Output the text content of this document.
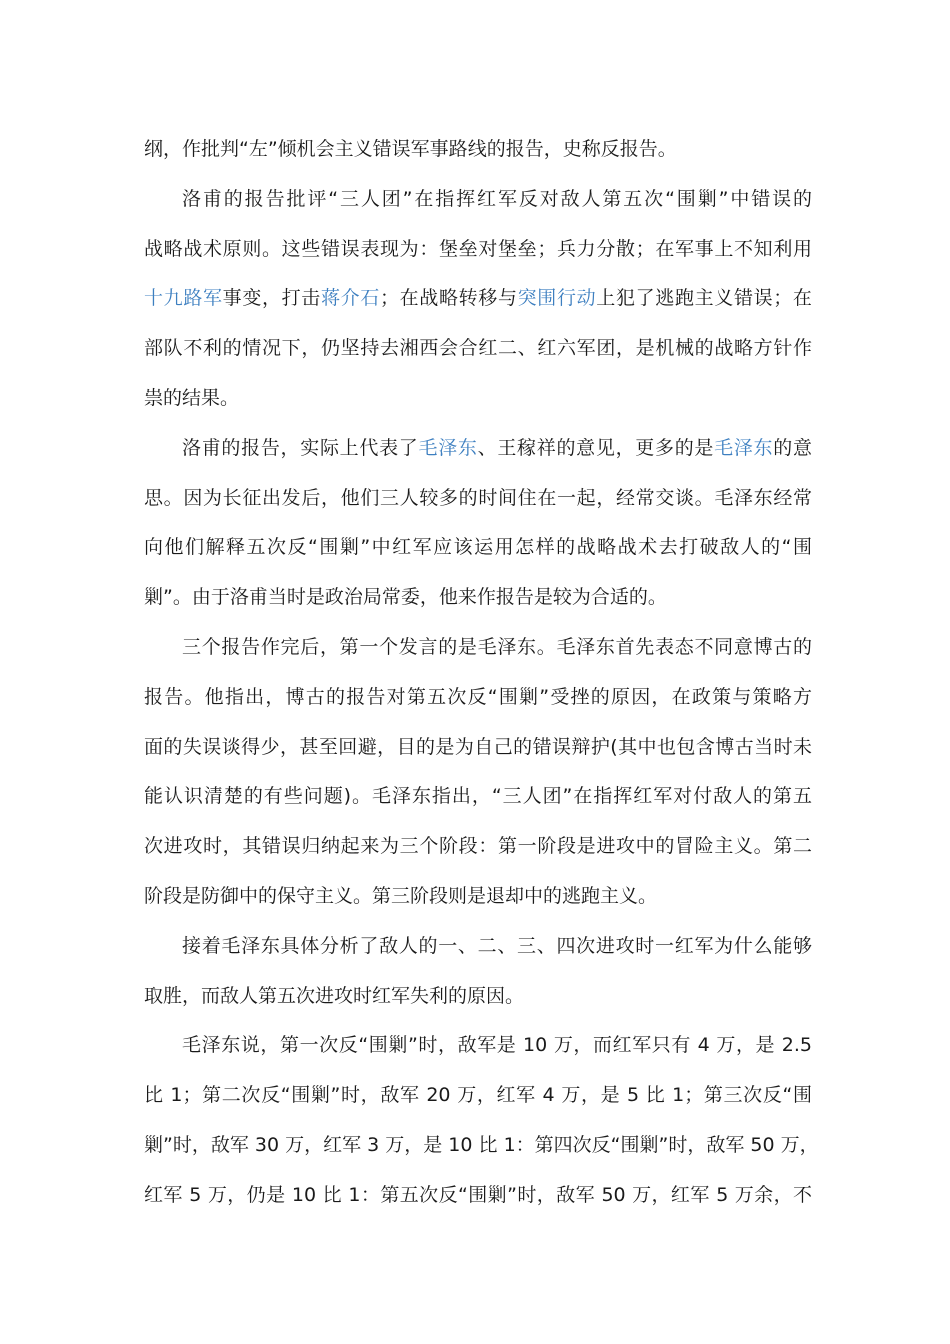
纲，作批判“左”倾机会主义错误军事路线的报告，史称反报告。
洛甫的报告批评“三人团”在指挥红军反对敌人第五次“围剿”中错误的
战略战术原则。这些错误表现为：堡垒对堡垒；兵力分散；在军事上不知利用
十九路军事变，打击蒋介石；在战略转移与突围行动上犯了逃跑主义错误；在
部队不利的情况下，仍坚持去湘西会合红二、红六军团，是机械的战略方针作
祟的结果。
洛甫的报告，实际上代表了毛泽东、王稼祥的意见，更多的是毛泽东的意
思。因为长征出发后，他们三人较多的时间住在一起，经常交谈。毛泽东经常
向他们解释五次反“围剿”中红军应该运用怎样的战略战术去打破敌人的“围
剿”。由于洛甫当时是政治局常委，他来作报告是较为合适的。
三个报告作完后，第一个发言的是毛泽东。毛泽东首先表态不同意博古的
报告。他指出，博古的报告对第五次反“围剿”受挫的原因，在政策与策略方
面的失误谈得少，甚至回避，目的是为自己的错误辩护(其中也包含博古当时未
能认识清楚的有些问题)。毛泽东指出，“三人团”在指挥红军对付敌人的第五
次进攻时，其错误归纳起来为三个阶段：第一阶段是进攻中的冒险主义。第二
阶段是防御中的保守主义。第三阶段则是退却中的逃跑主义。
接着毛泽东具体分析了敌人的一、二、三、四次进攻时一红军为什么能够
取胜，而敌人第五次进攻时红军失利的原因。
毛泽东说，第一次反“围剿”时，敌军是 10 万，而红军只有 4 万，是 2.5
比 1；第二次反“围剿”时，敌军 20 万，红军 4 万，是 5 比 1；第三次反“围
剿”时，敌军 30 万，红军 3 万，是 10 比 1：第四次反“围剿”时，敌军 50 万，
红军 5 万，仍是 10 比 1：第五次反“围剿”时，敌军 50 万，红军 5 万余，不
